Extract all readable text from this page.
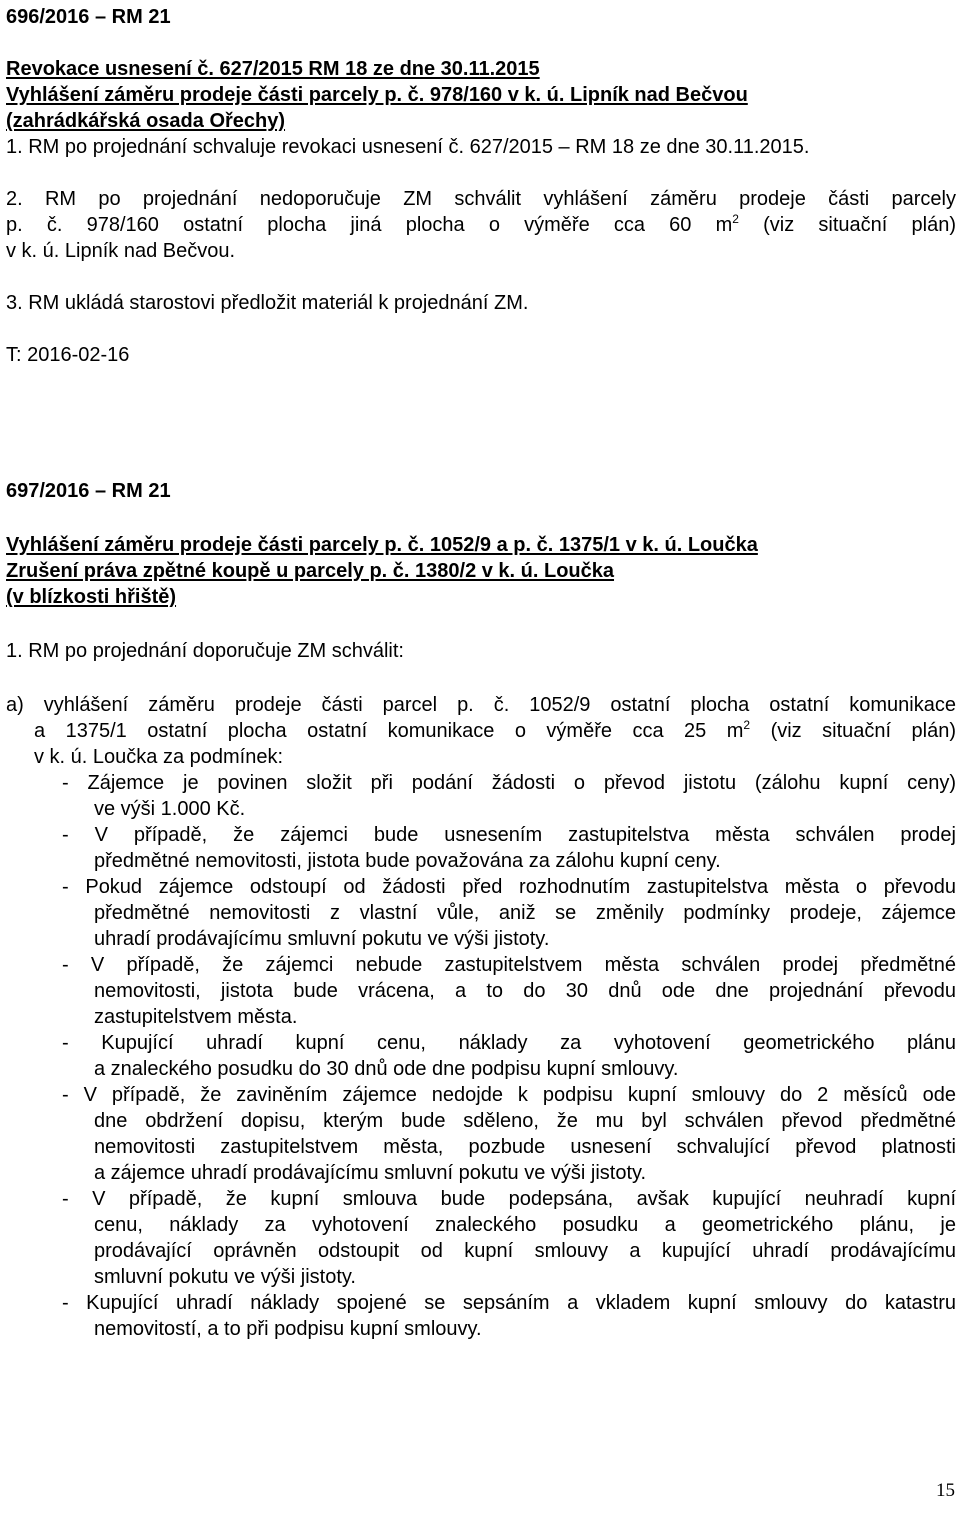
696/2016 – RM 21
Revokace usnesení č. 627/2015 RM 18 ze dne 30.11.2015
Vyhlášení záměru prodeje části parcely p. č. 978/160 v k. ú. Lipník nad Bečvou
(zahrádkářská osada Ořechy)
1. RM po projednání schvaluje revokaci usnesení č. 627/2015 – RM 18 ze dne 30.11.2015.
2. RM po projednání nedoporučuje ZM schválit vyhlášení záměru prodeje části parcely
p. č. 978/160 ostatní plocha jiná plocha o výměře cca 60 $m^2$ (viz situační plán)
v k. ú. Lipník nad Bečvou.
3. RM ukládá starostovi předložit materiál k projednání ZM.
T: 2016-02-16
697/2016 – RM 21
Vyhlášení záměru prodeje části parcely p. č. 1052/9 a p. č. 1375/1 v k. ú. Loučka
Zrušení práva zpětné koupě u parcely p. č. 1380/2 v k. ú. Loučka
(v blízkosti hřiště)
1. RM po projednání doporučuje ZM schválit:
a) vyhlášení záměru prodeje části parcel p. č. 1052/9 ostatní plocha ostatní komunikace
a 1375/1 ostatní plocha ostatní komunikace o výměře cca 25 $m^2$ (viz situační plán)
v k. ú. Loučka za podmínek:
- Zájemce je povinen složit při podání žádosti o převod jistotu (zálohu kupní ceny)
ve výši 1.000 Kč.
- V případě, že zájemci bude usnesením zastupitelstva města schválen prodej
předmětné nemovitosti, jistota bude považována za zálohu kupní ceny.
- Pokud zájemce odstoupí od žádosti před rozhodnutím zastupitelstva města o převodu
předmětné nemovitosti z vlastní vůle, aniž se změnily podmínky prodeje, zájemce
uhradí prodávajícímu smluvní pokutu ve výši jistoty.
- V případě, že zájemci nebude zastupitelstvem města schválen prodej předmětné
nemovitosti, jistota bude vrácena, a to do 30 dnů ode dne projednání převodu
zastupitelstvem města.
- Kupující uhradí kupní cenu, náklady za vyhotovení geometrického plánu
a znaleckého posudku do 30 dnů ode dne podpisu kupní smlouvy.
- V případě, že zaviněním zájemce nedojde k podpisu kupní smlouvy do 2 měsíců ode
dne obdržení dopisu, kterým bude sděleno, že mu byl schválen převod předmětné
nemovitosti zastupitelstvem města, pozbude usnesení schvalující převod platnosti
a zájemce uhradí prodávajícímu smluvní pokutu ve výši jistoty.
- V případě, že kupní smlouva bude podepsána, avšak kupující neuhradí kupní
cenu, náklady za vyhotovení znaleckého posudku a geometrického plánu, je
prodávající oprávněn odstoupit od kupní smlouvy a kupující uhradí prodávajícímu
smluvní pokutu ve výši jistoty.
- Kupující uhradí náklady spojené se sepsáním a vkladem kupní smlouvy do katastru
nemovitostí, a to při podpisu kupní smlouvy.
15
